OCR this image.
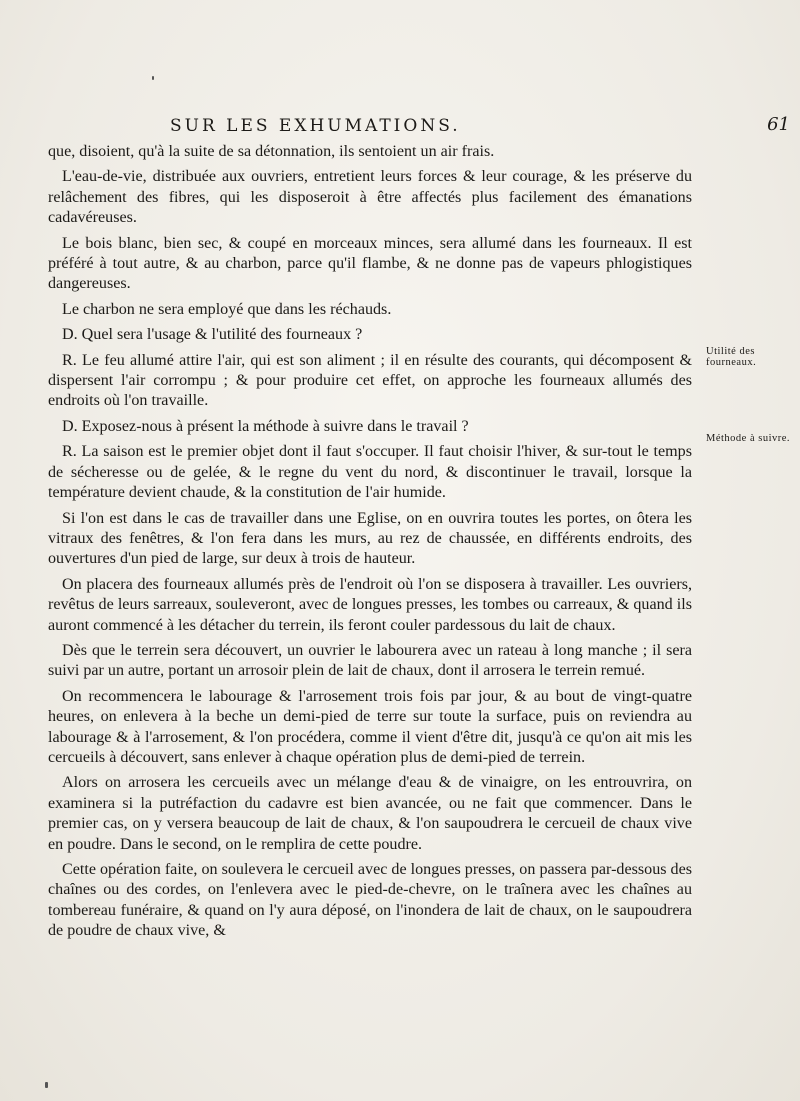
SUR LES EXHUMATIONS.	61

que, disoient, qu'à la suite de sa détonnation, ils sentoient un air frais.

L'eau-de-vie, distribuée aux ouvriers, entretient leurs forces & leur courage, & les préserve du relâchement des fibres, qui les disposeroit à être affectés plus facilement des émanations cadavéreuses.

Le bois blanc, bien sec, & coupé en morceaux minces, sera allumé dans les fourneaux. Il est préféré à tout autre, & au charbon, parce qu'il flambe, & ne donne pas de vapeurs phlogistiques dangereuses.

Le charbon ne sera employé que dans les réchauds.

D. Quel sera l'usage & l'utilité des fourneaux ?

R. Le feu allumé attire l'air, qui est son aliment ; il en résulte des courants, qui décomposent & dispersent l'air corrompu ; & pour produire cet effet, on approche les fourneaux allumés des endroits où l'on travaille.

D. Exposez-nous à présent la méthode à suivre dans le travail ?

R. La saison est le premier objet dont il faut s'occuper. Il faut choisir l'hiver, & sur-tout le temps de sécheresse ou de gelée, & le regne du vent du nord, & discontinuer le travail, lorsque la température devient chaude, & la constitution de l'air humide.

Si l'on est dans le cas de travailler dans une Eglise, on en ouvrira toutes les portes, on ôtera les vitraux des fenêtres, & l'on fera dans les murs, au rez de chaussée, en différents endroits, des ouvertures d'un pied de large, sur deux à trois de hauteur.

On placera des fourneaux allumés près de l'endroit où l'on se disposera à travailler. Les ouvriers, revêtus de leurs sarreaux, souleveront, avec de longues presses, les tombes ou carreaux, & quand ils auront commencé à les détacher du terrein, ils feront couler pardessous du lait de chaux.

Dès que le terrein sera découvert, un ouvrier le labourera avec un rateau à long manche ; il sera suivi par un autre, portant un arrosoir plein de lait de chaux, dont il arrosera le terrein remué.

On recommencera le labourage & l'arrosement trois fois par jour, & au bout de vingt-quatre heures, on enlevera à la beche un demi-pied de terre sur toute la surface, puis on reviendra au labourage & à l'arrosement, & l'on procédera, comme il vient d'être dit, jusqu'à ce qu'on ait mis les cercueils à découvert, sans enlever à chaque opération plus de demi-pied de terrein.

Alors on arrosera les cercueils avec un mélange d'eau & de vinaigre, on les entrouvrira, on examinera si la putréfaction du cadavre est bien avancée, ou ne fait que commencer. Dans le premier cas, on y versera beaucoup de lait de chaux, & l'on saupoudrera le cercueil de chaux vive en poudre. Dans le second, on le remplira de cette poudre.

Cette opération faite, on soulevera le cercueil avec de longues presses, on passera par-dessous des chaînes ou des cordes, on l'enlevera avec le pied-de-chevre, on le traînera avec les chaînes au tombereau funéraire, & quand on l'y aura déposé, on l'inondera de lait de chaux, on le saupoudrera de poudre de chaux vive, &

Utilité des fourneaux.
Méthode à suivre.
